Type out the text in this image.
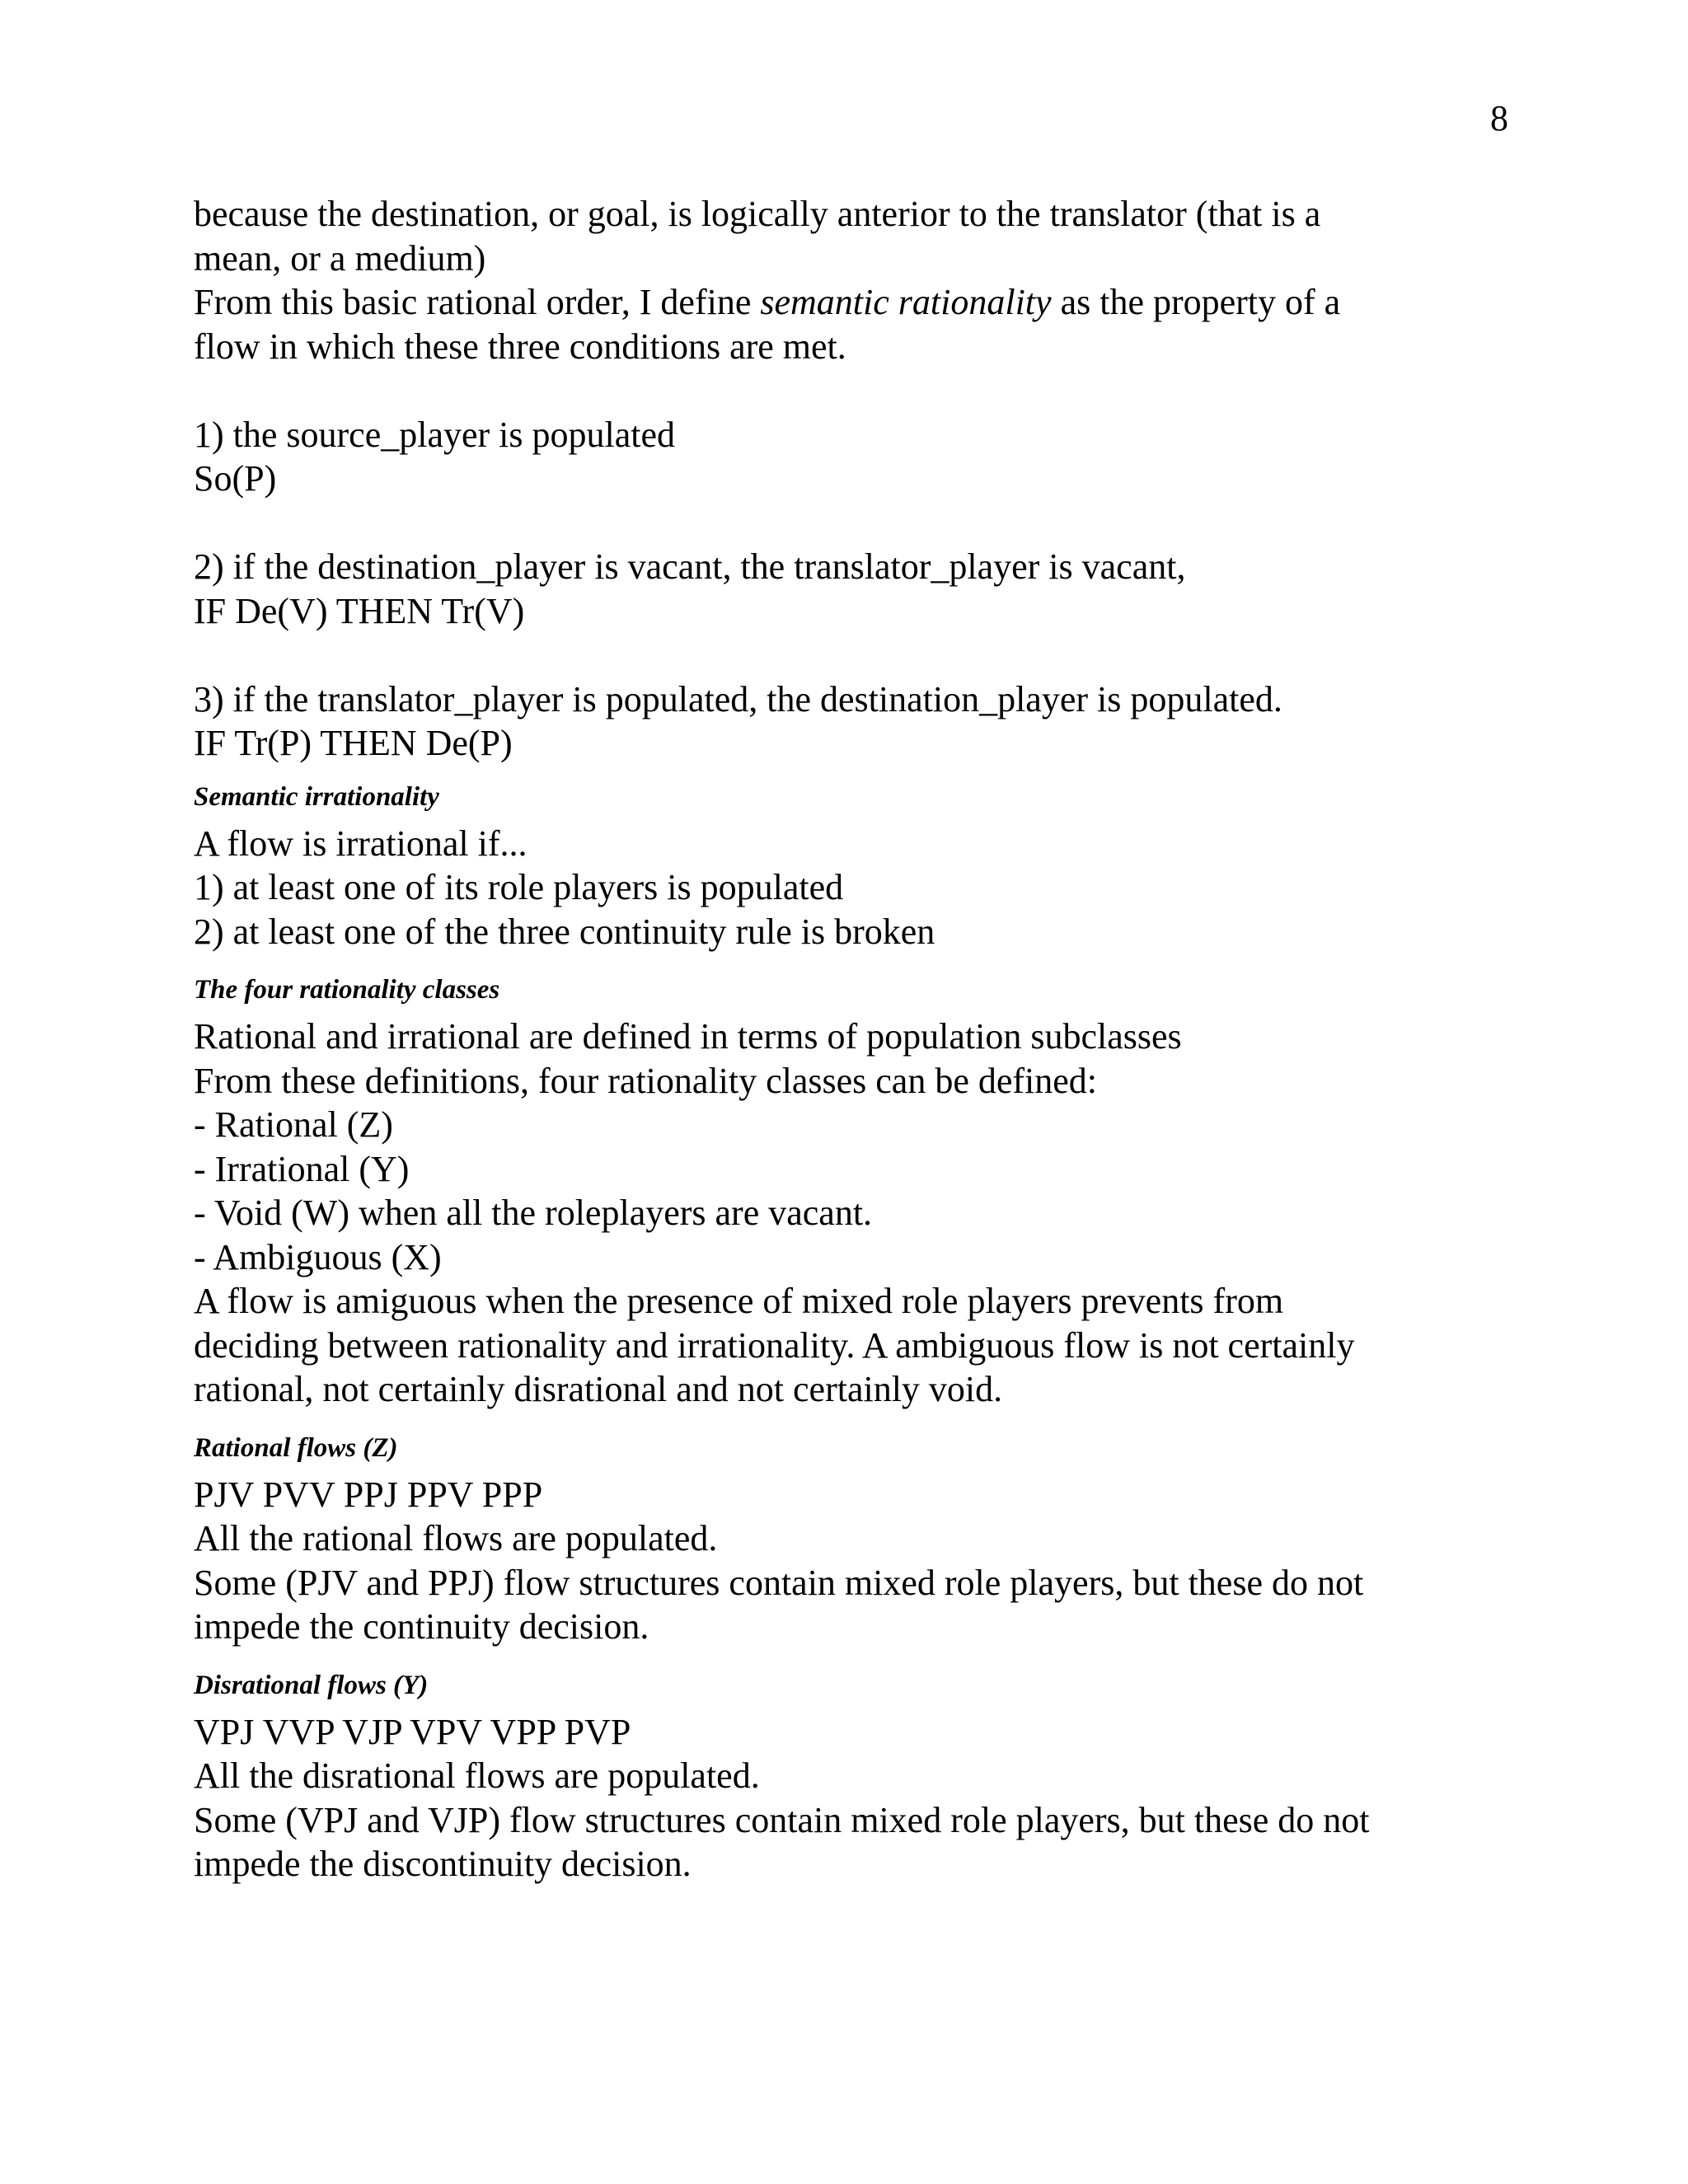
8
because the destination, or goal, is logically anterior to the translator (that is a
mean, or a medium)
From this basic rational order, I define semantic rationality as the property of a
flow in which these three conditions are met.
1) the source_player is populated
So(P)
2) if the destination_player is vacant, the translator_player is vacant,
IF De(V) THEN Tr(V)
3) if the translator_player is populated, the destination_player is populated.
IF Tr(P) THEN De(P)
Semantic irrationality
A flow is irrational if...
1) at least one of its role players is populated
2) at least one of the three continuity rule is broken
The four rationality classes
Rational and irrational are defined in terms of population subclasses
From these definitions, four rationality classes can be defined:
- Rational (Z)
- Irrational (Y)
- Void (W) when all the roleplayers are vacant.
- Ambiguous (X)
A flow is amiguous when the presence of mixed role players prevents from
deciding between rationality and irrationality. A ambiguous flow is not certainly
rational, not certainly disrational and not certainly void.
Rational flows (Z)
PJV PVV PPJ PPV PPP
All the rational flows are populated.
Some (PJV and PPJ) flow structures contain mixed role players, but these do not
impede the continuity decision.
Disrational flows (Y)
VPJ VVP VJP VPV VPP PVP
All the disrational flows are populated.
Some (VPJ and VJP) flow structures contain mixed role players, but these do not
impede the discontinuity decision.
